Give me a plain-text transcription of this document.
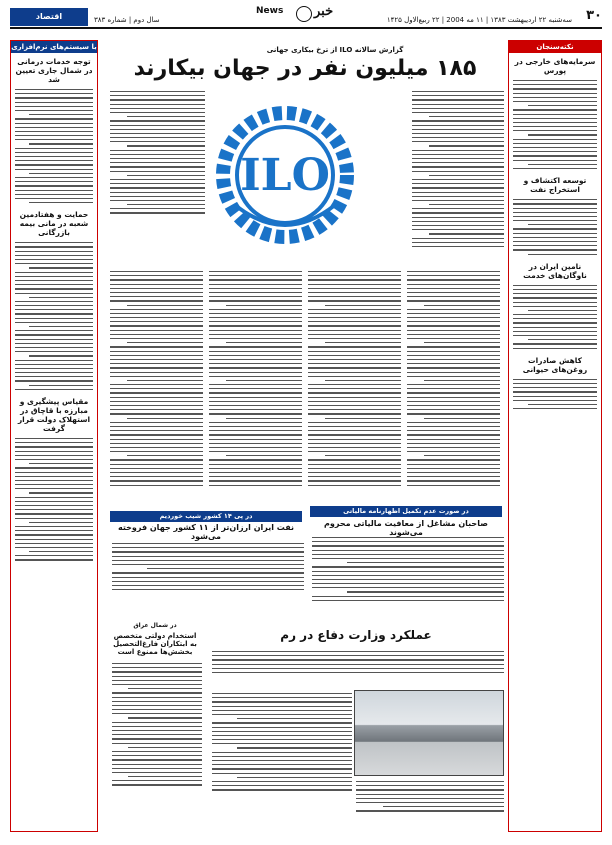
اقتصاد	سال دوم | شماره ۳۸۳
News خبر
سه‌شنبه ۲۲ اردیبهشت ۱۳۸۳ | ۱۱ مه 2004 | ۲۲ ربیع‌الاول ۱۴۲۵ ۳۰
نکته‌سنجان
سرمایه‌های خارجی در پورس
توسعه اکتشاف و استخراج نفت
نامین ایران در ناوگان‌های خدمت
کاهش صادرات روغن‌های حیوانی
با سیستم‌های نرم‌افزاری
توجه خدمات درمانی در شمال جاری تعیین شد
حمایت و هفتادمین شعبه در مانی بیمه بازرگانی
مقیاس پیشگیری و مبارزه با قاچاق در استهلاک دولت قرار گرفت
گزارش سالانه ILO از ترخ بیکاری جهانی
۱۸۵ میلیون نفر در جهان بیکارند
ILO
در پی ۱۴ کشور شیب خوردیم
نفت ایران ارزان‌تر از ۱۱ کشور جهان فروخته می‌شود
در صورت عدم تکمیل اظهارنامه مالیاتی
صاحبان مشاغل از معافیت مالیاتی محروم می‌شوند
در شمال عراق
استخدام دولتی متخصص به ابتکاران فارغ‌التحصیل بخشش‌ها ممنوع است
عملکرد وزارت دفاع در رم
